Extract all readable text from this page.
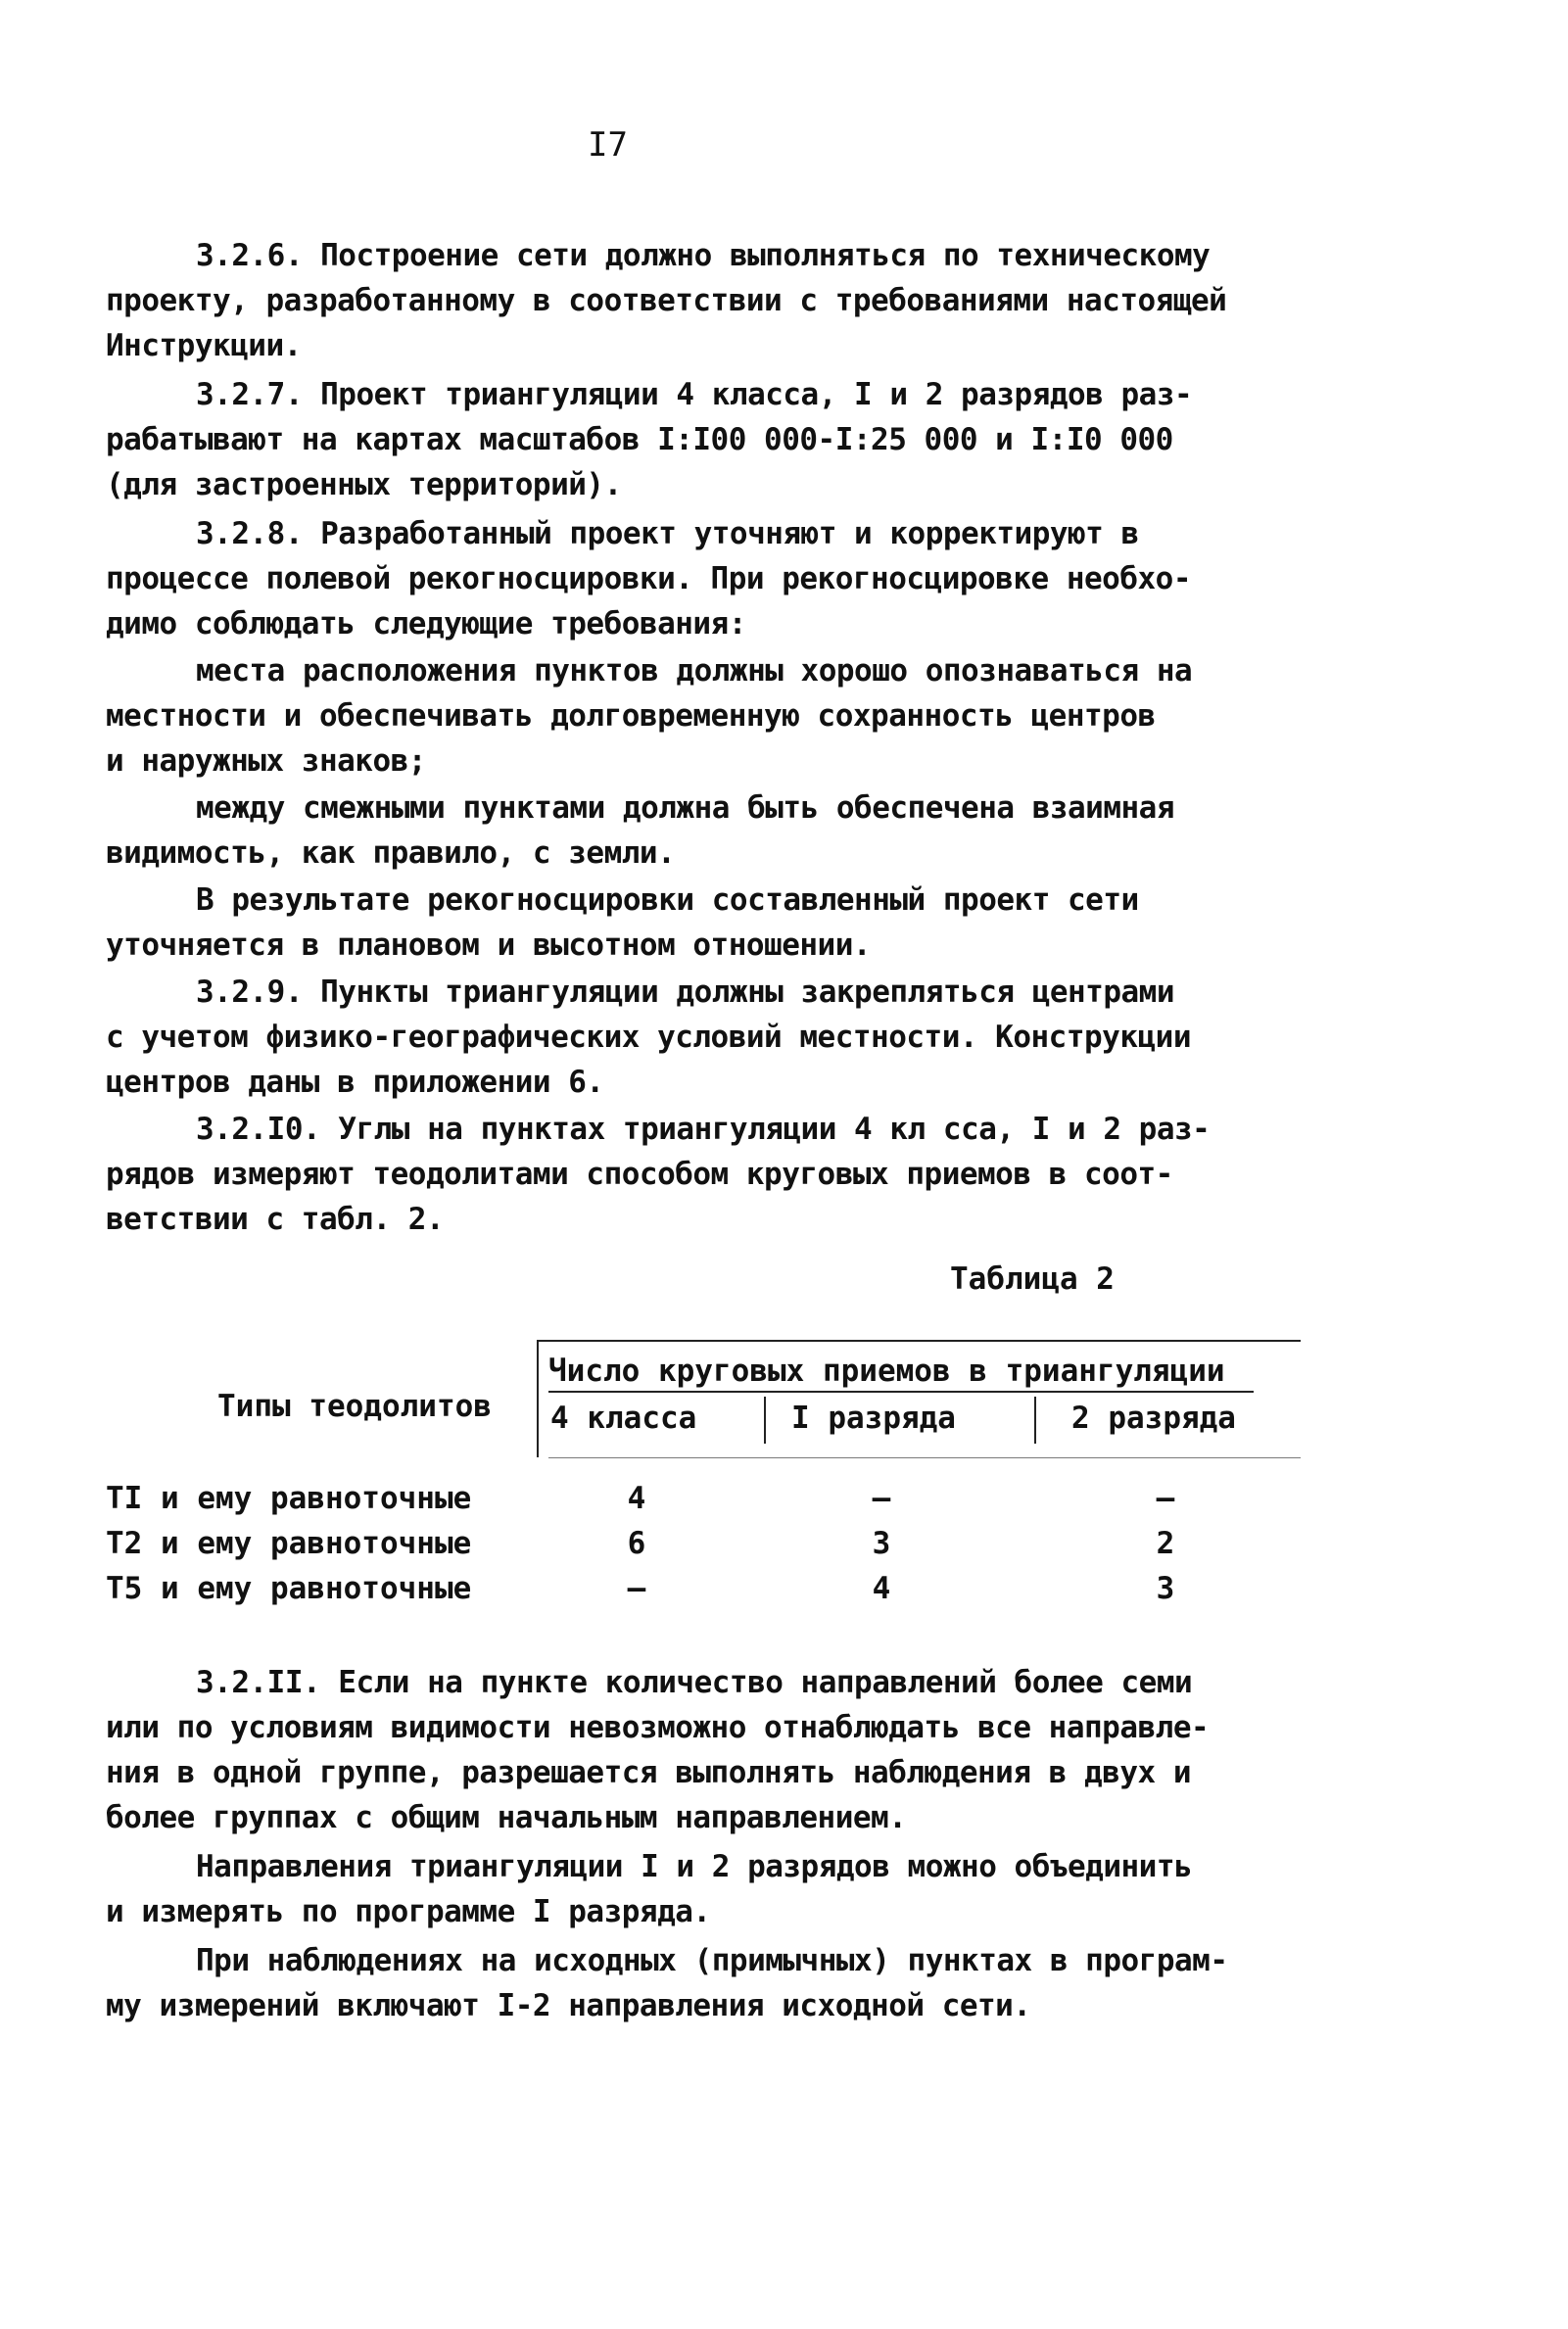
I7
3.2.6. Построение сети должно выполняться по техническому
проекту, разработанному в соответствии с требованиями настоящей
Инструкции.
3.2.7. Проект триангуляции 4 класса, I и 2 разрядов раз-
рабатывают на картах масштабов I:I00 000-I:25 000 и I:I0 000
(для застроенных территорий).
3.2.8. Разработанный проект уточняют и корректируют в
процессе полевой рекогносцировки. При рекогносцировке необхо-
димо соблюдать следующие требования:
места расположения пунктов должны хорошо опознаваться на
местности и обеспечивать долговременную сохранность центров
и наружных знаков;
между смежными пунктами должна быть обеспечена взаимная
видимость, как правило, с земли.
В результате рекогносцировки составленный проект сети
уточняется в плановом и высотном отношении.
3.2.9. Пункты триангуляции должны закрепляться центрами
с учетом физико-географических условий местности. Конструкции
центров даны в приложении 6.
3.2.I0. Углы на пунктах триангуляции 4 кл сса, I и 2 раз-
рядов измеряют теодолитами способом круговых приемов в соот-
ветствии с табл. 2.
Таблица 2
Типы теодолитов
Число круговых приемов в триангуляции
4 класса	I разряда	2 разряда
TI и ему равноточные	4	–	–
T2 и ему равноточные	6	3	2
T5 и ему равноточные	–	4	3
3.2.II. Если на пункте количество направлений более семи
или по условиям видимости невозможно отнаблюдать все направле-
ния в одной группе, разрешается выполнять наблюдения в двух и
более группах с общим начальным направлением.
Направления триангуляции I и 2 разрядов можно объединить
и измерять по программе I разряда.
При наблюдениях на исходных (примычных) пунктах в програм-
му измерений включают I-2 направления исходной сети.
